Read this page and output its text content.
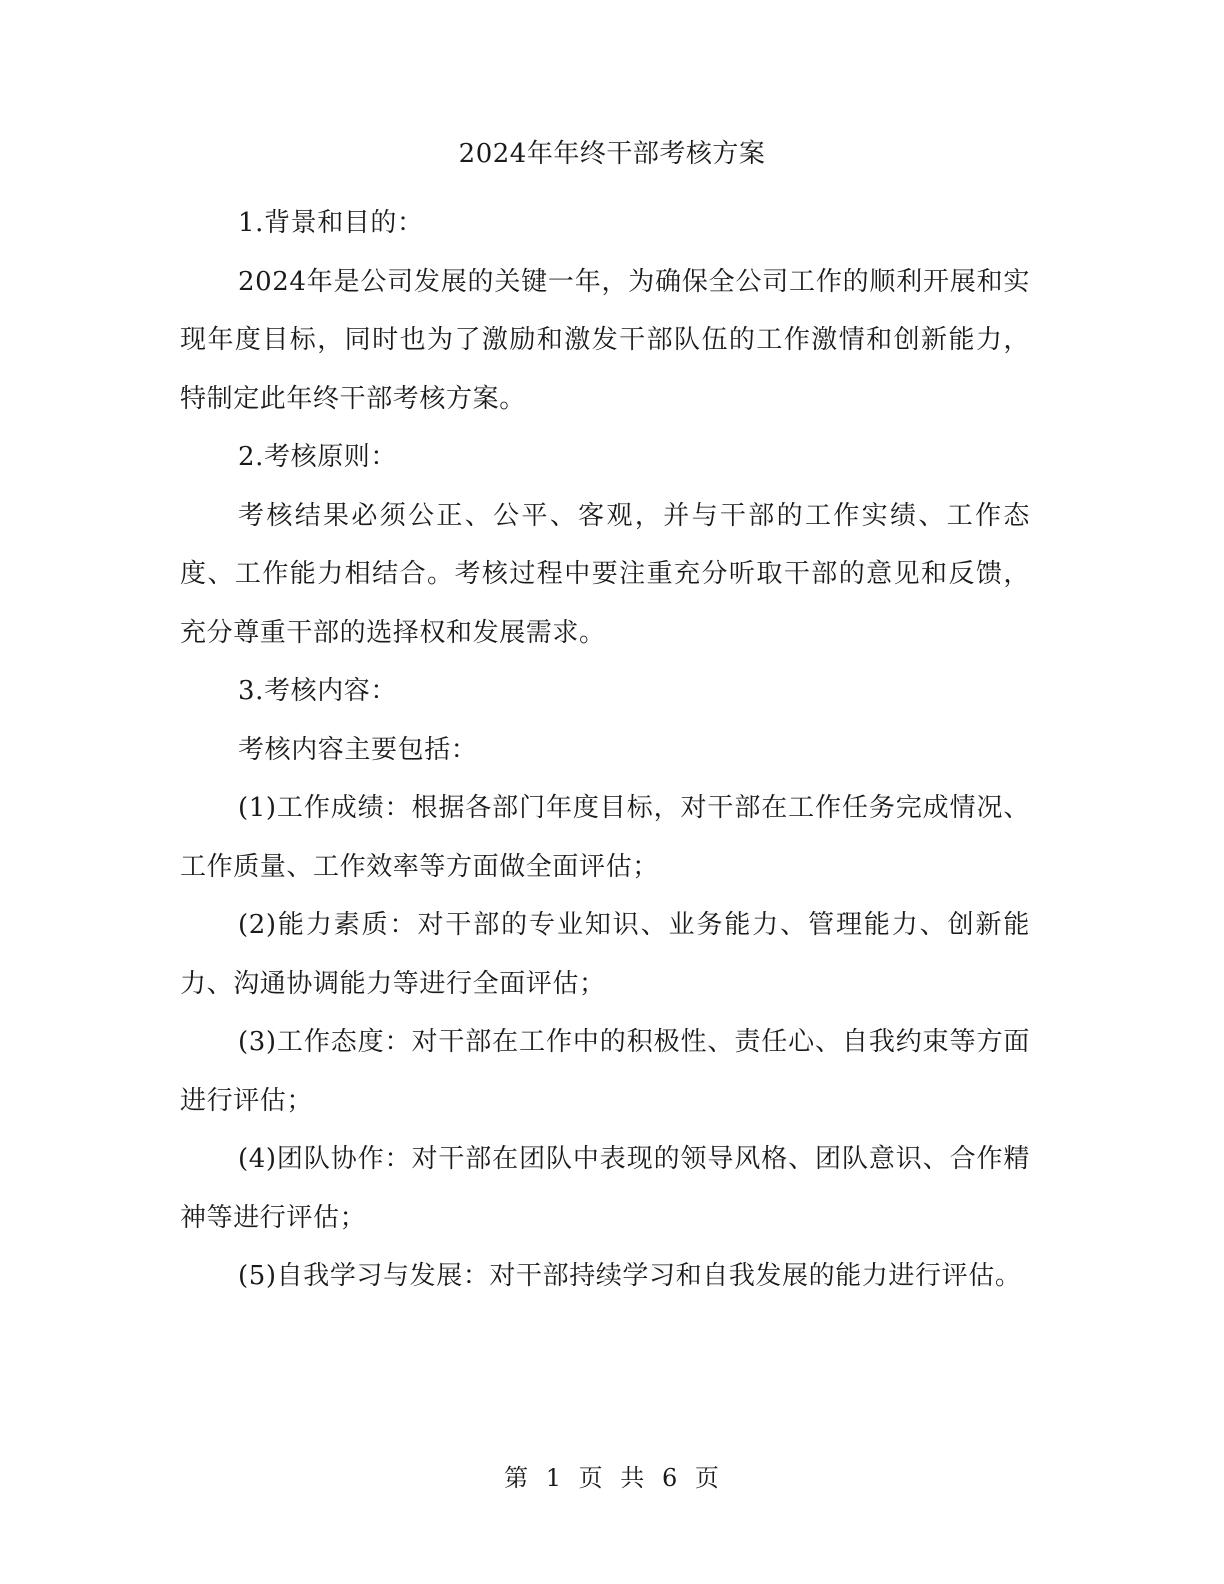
2024年年终干部考核方案

1.背景和目的：

2024年是公司发展的关键一年，为确保全公司工作的顺利开展和实现年度目标，同时也为了激励和激发干部队伍的工作激情和创新能力，特制定此年终干部考核方案。

2.考核原则：

考核结果必须公正、公平、客观，并与干部的工作实绩、工作态度、工作能力相结合。考核过程中要注重充分听取干部的意见和反馈，充分尊重干部的选择权和发展需求。

3.考核内容：

考核内容主要包括：

(1)工作成绩：根据各部门年度目标，对干部在工作任务完成情况、工作质量、工作效率等方面做全面评估；

(2)能力素质：对干部的专业知识、业务能力、管理能力、创新能力、沟通协调能力等进行全面评估；

(3)工作态度：对干部在工作中的积极性、责任心、自我约束等方面进行评估；

(4)团队协作：对干部在团队中表现的领导风格、团队意识、合作精神等进行评估；

(5)自我学习与发展：对干部持续学习和自我发展的能力进行评估。

第 1 页 共 6 页
